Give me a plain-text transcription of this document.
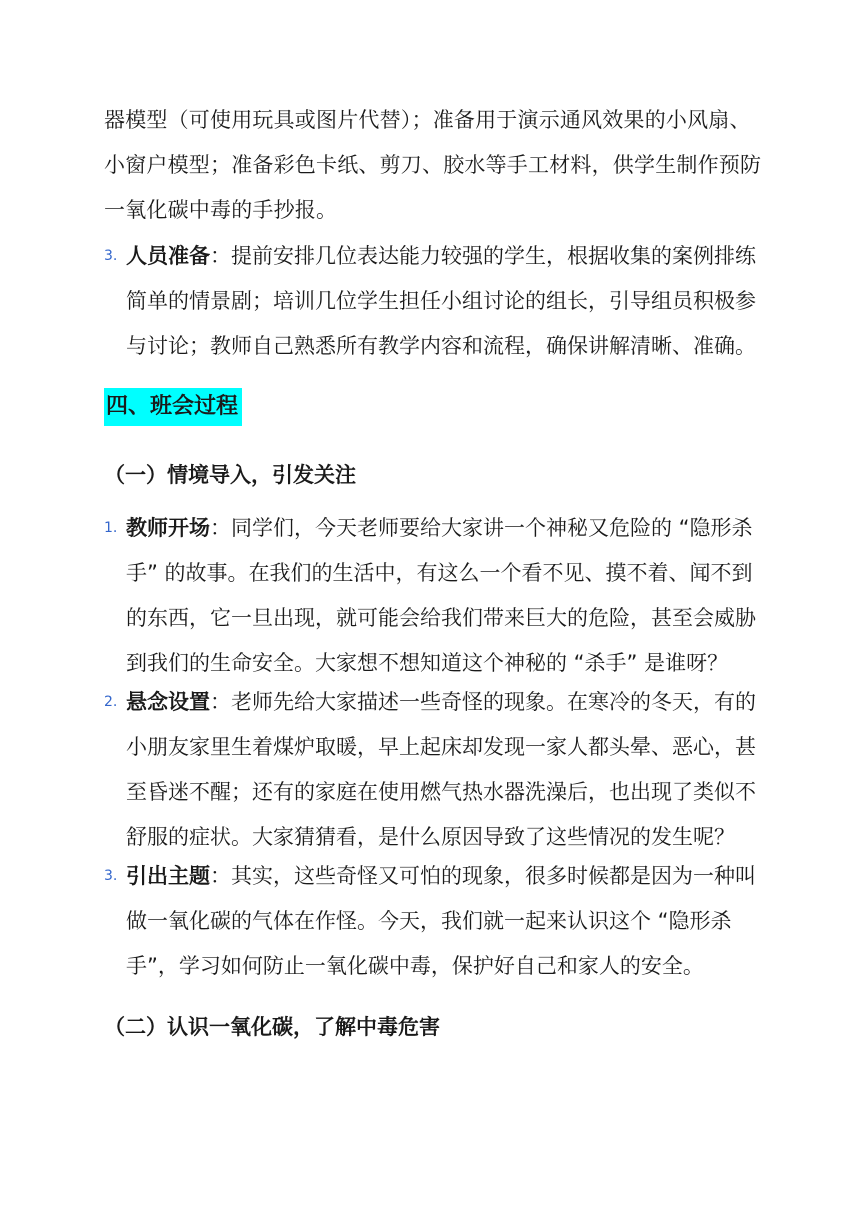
器模型（可使用玩具或图片代替）；准备用于演示通风效果的小风扇、小窗户模型；准备彩色卡纸、剪刀、胶水等手工材料，供学生制作预防一氧化碳中毒的手抄报。

3. 人员准备：提前安排几位表达能力较强的学生，根据收集的案例排练简单的情景剧；培训几位学生担任小组讨论的组长，引导组员积极参与讨论；教师自己熟悉所有教学内容和流程，确保讲解清晰、准确。
四、班会过程
（一）情境导入，引发关注
1. 教师开场：同学们，今天老师要给大家讲一个神秘又危险的 “隐形杀手” 的故事。在我们的生活中，有这么一个看不见、摸不着、闻不到的东西，它一旦出现，就可能会给我们带来巨大的危险，甚至会威胁到我们的生命安全。大家想不想知道这个神秘的 “杀手” 是谁呀？
2. 悬念设置：老师先给大家描述一些奇怪的现象。在寒冷的冬天，有的小朋友家里生着煤炉取暖，早上起床却发现一家人都头晕、恶心，甚至昏迷不醒；还有的家庭在使用燃气热水器洗澡后，也出现了类似不舒服的症状。大家猜猜看，是什么原因导致了这些情况的发生呢？
3. 引出主题：其实，这些奇怪又可怕的现象，很多时候都是因为一种叫做一氧化碳的气体在作怪。今天，我们就一起来认识这个 “隐形杀手”，学习如何防止一氧化碳中毒，保护好自己和家人的安全。
（二）认识一氧化碳，了解中毒危害
